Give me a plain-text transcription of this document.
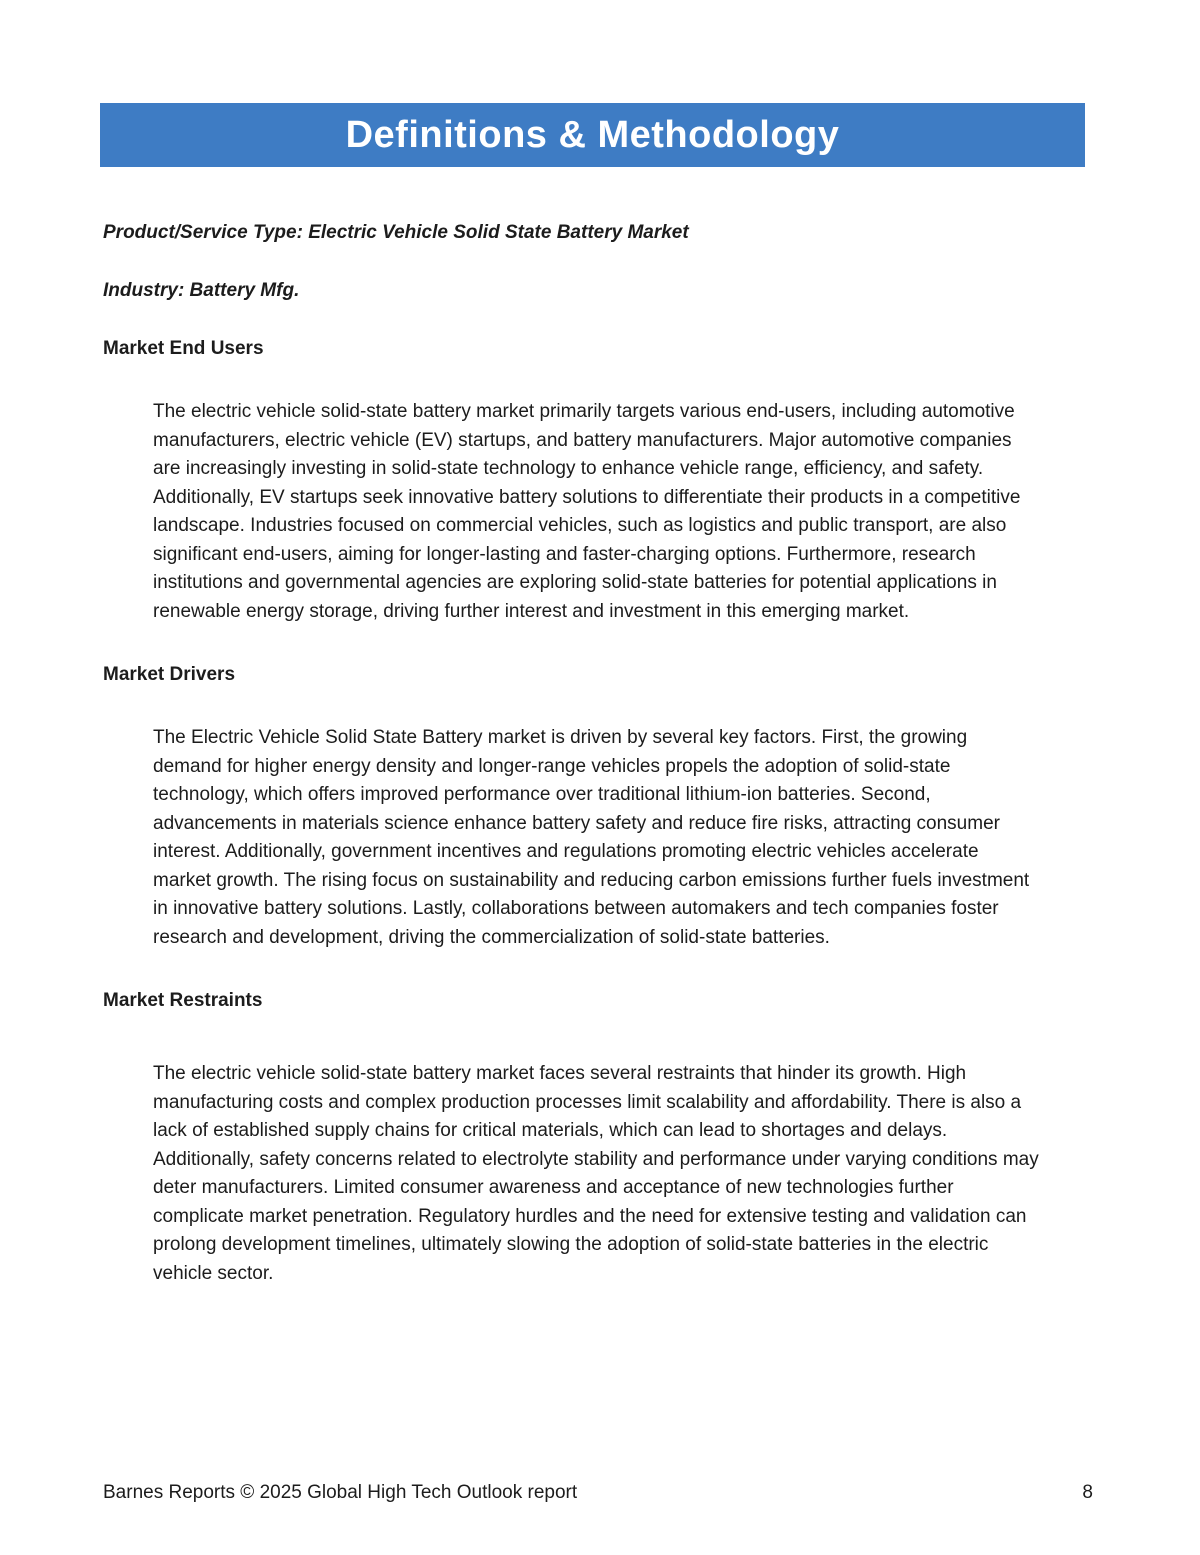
Definitions & Methodology

Product/Service Type: Electric Vehicle Solid State Battery Market

Industry: Battery Mfg.

Market End Users

The electric vehicle solid-state battery market primarily targets various end-users, including automotive manufacturers, electric vehicle (EV) startups, and battery manufacturers. Major automotive companies are increasingly investing in solid-state technology to enhance vehicle range, efficiency, and safety. Additionally, EV startups seek innovative battery solutions to differentiate their products in a competitive landscape. Industries focused on commercial vehicles, such as logistics and public transport, are also significant end-users, aiming for longer-lasting and faster-charging options. Furthermore, research institutions and governmental agencies are exploring solid-state batteries for potential applications in renewable energy storage, driving further interest and investment in this emerging market.

Market Drivers

The Electric Vehicle Solid State Battery market is driven by several key factors. First, the growing demand for higher energy density and longer-range vehicles propels the adoption of solid-state technology, which offers improved performance over traditional lithium-ion batteries. Second, advancements in materials science enhance battery safety and reduce fire risks, attracting consumer interest. Additionally, government incentives and regulations promoting electric vehicles accelerate market growth. The rising focus on sustainability and reducing carbon emissions further fuels investment in innovative battery solutions. Lastly, collaborations between automakers and tech companies foster research and development, driving the commercialization of solid-state batteries.

Market Restraints

The electric vehicle solid-state battery market faces several restraints that hinder its growth. High manufacturing costs and complex production processes limit scalability and affordability. There is also a lack of established supply chains for critical materials, which can lead to shortages and delays. Additionally, safety concerns related to electrolyte stability and performance under varying conditions may deter manufacturers. Limited consumer awareness and acceptance of new technologies further complicate market penetration. Regulatory hurdles and the need for extensive testing and validation can prolong development timelines, ultimately slowing the adoption of solid-state batteries in the electric vehicle sector.

Barnes Reports © 2025 Global High Tech Outlook report	8
